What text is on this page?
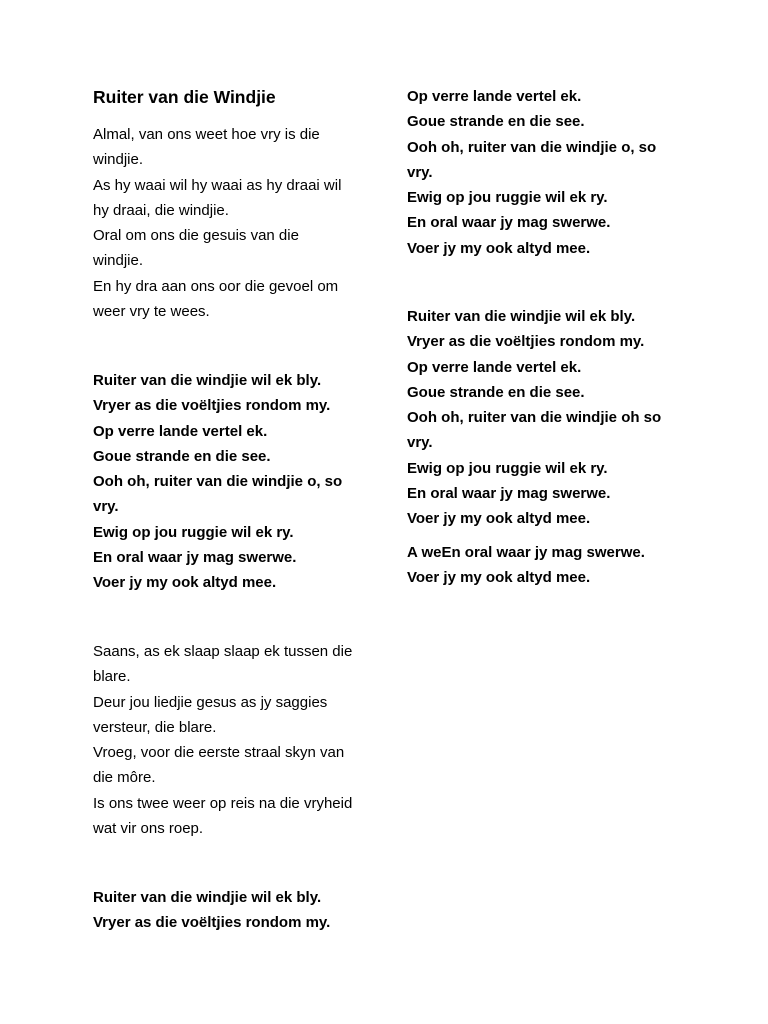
Ruiter van die Windjie

Almal, van ons weet hoe vry is die
windjie.
As hy waai wil hy waai as hy draai wil
hy draai, die windjie.
Oral om ons die gesuis van die
windjie.
En hy dra aan ons oor die gevoel om
weer vry te wees.

Ruiter van die windjie wil ek bly.
Vryer as die voëltjies rondom my.
Op verre lande vertel ek.
Goue strande en die see.
Ooh oh, ruiter van die windjie o, so
vry.
Ewig op jou ruggie wil ek ry.
En oral waar jy mag swerwe.
Voer jy my ook altyd mee.

Saans, as ek slaap slaap ek tussen die
blare.
Deur jou liedjie gesus as jy saggies
versteur, die blare.
Vroeg, voor die eerste straal skyn van
die môre.
Is ons twee weer op reis na die vryheid
wat vir ons roep.

Ruiter van die windjie wil ek bly.
Vryer as die voëltjies rondom my.

Op verre lande vertel ek.
Goue strande en die see.
Ooh oh, ruiter van die windjie o, so
vry.
Ewig op jou ruggie wil ek ry.
En oral waar jy mag swerwe.
Voer jy my ook altyd mee.

Ruiter van die windjie wil ek bly.
Vryer as die voëltjies rondom my.
Op verre lande vertel ek.
Goue strande en die see.
Ooh oh, ruiter van die windjie oh so
vry.
Ewig op jou ruggie wil ek ry.
En oral waar jy mag swerwe.
Voer jy my ook altyd mee.

A weEn oral waar jy mag swerwe.
Voer jy my ook altyd mee.
